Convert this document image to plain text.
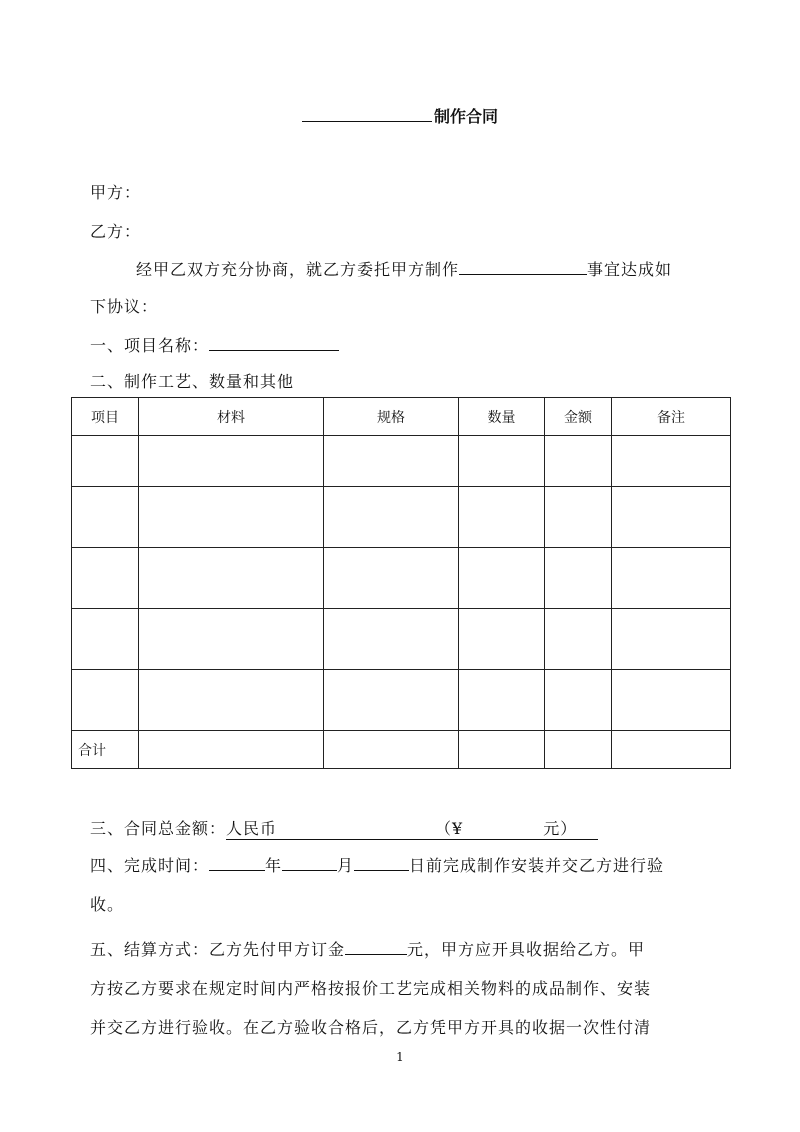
制作合同
甲方：
乙方：
经甲乙双方充分协商，就乙方委托甲方制作	事宜达成如
下协议：
一、项目名称：
二、制作工艺、数量和其他
项目	材料	规格	数量	金额	备注

合计					
三、合同总金额：人民币	（¥	元）
四、完成时间：	年	月	日前完成制作安装并交乙方进行验
收。
五、结算方式：乙方先付甲方订金	元，甲方应开具收据给乙方。甲
方按乙方要求在规定时间内严格按报价工艺完成相关物料的成品制作、安装
并交乙方进行验收。在乙方验收合格后，乙方凭甲方开具的收据一次性付清
1
